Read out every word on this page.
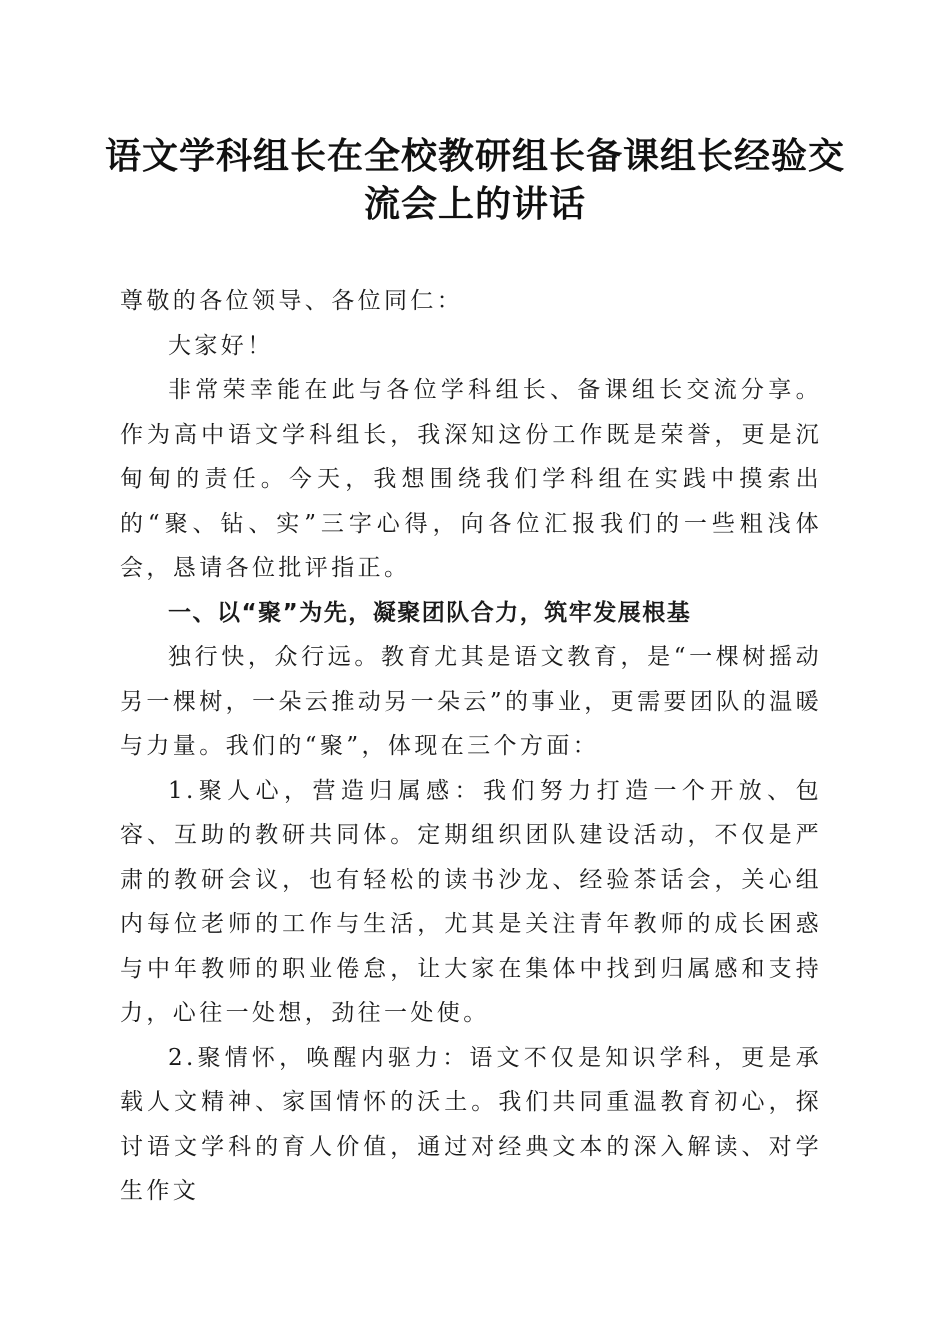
语文学科组长在全校教研组长备课组长经验交流会上的讲话

尊敬的各位领导、各位同仁：

大家好！

非常荣幸能在此与各位学科组长、备课组长交流分享。作为高中语文学科组长，我深知这份工作既是荣誉，更是沉甸甸的责任。今天，我想围绕我们学科组在实践中摸索出的“聚、钻、实”三字心得，向各位汇报我们的一些粗浅体会，恳请各位批评指正。

一、以“聚”为先，凝聚团队合力，筑牢发展根基

独行快，众行远。教育尤其是语文教育，是“一棵树摇动另一棵树，一朵云推动另一朵云”的事业，更需要团队的温暖与力量。我们的“聚”，体现在三个方面：

1.聚人心，营造归属感：我们努力打造一个开放、包容、互助的教研共同体。定期组织团队建设活动，不仅是严肃的教研会议，也有轻松的读书沙龙、经验茶话会，关心组内每位老师的工作与生活，尤其是关注青年教师的成长困惑与中年教师的职业倦怠，让大家在集体中找到归属感和支持力，心往一处想，劲往一处使。

2.聚情怀，唤醒内驱力：语文不仅是知识学科，更是承载人文精神、家国情怀的沃土。我们共同重温教育初心，探讨语文学科的育人价值，通过对经典文本的深入解读、对学生作文
